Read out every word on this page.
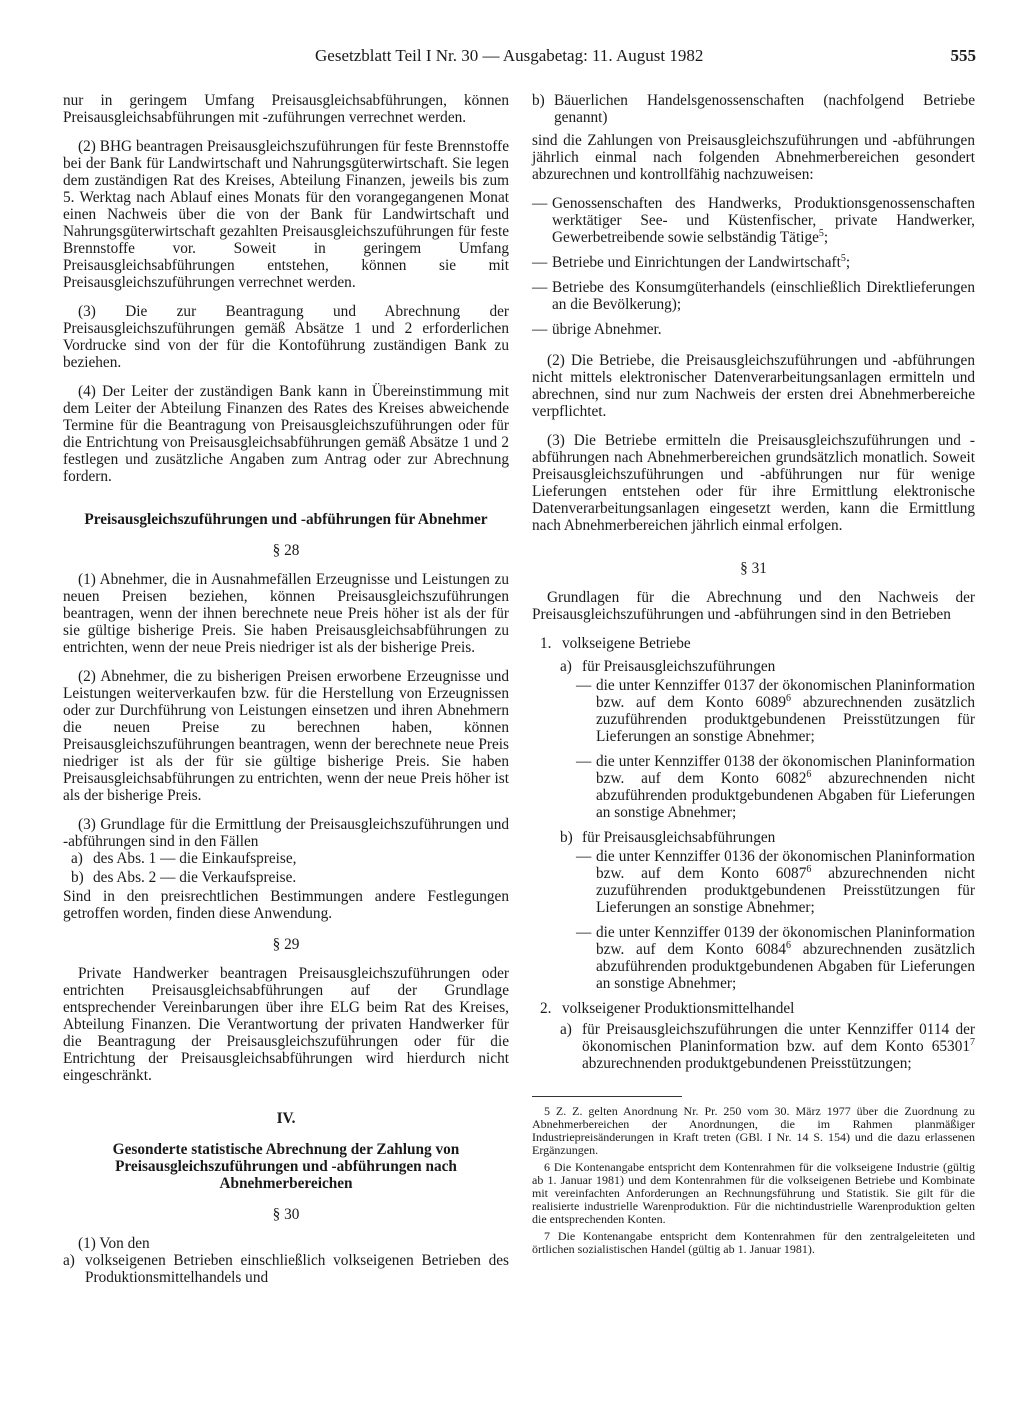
Gesetzblatt Teil I Nr. 30 — Ausgabetag: 11. August 1982	555

nur in geringem Umfang Preisausgleichsabführungen, können Preisausgleichsabführungen mit -zuführungen verrechnet werden.

(2) BHG beantragen Preisausgleichszuführungen für feste Brennstoffe bei der Bank für Landwirtschaft und Nahrungsgüterwirtschaft. Sie legen dem zuständigen Rat des Kreises, Abteilung Finanzen, jeweils bis zum 5. Werktag nach Ablauf eines Monats für den vorangegangenen Monat einen Nachweis über die von der Bank für Landwirtschaft und Nahrungsgüterwirtschaft gezahlten Preisausgleichszuführungen für feste Brennstoffe vor. Soweit in geringem Umfang Preisausgleichsabführungen entstehen, können sie mit Preisausgleichszuführungen verrechnet werden.

(3) Die zur Beantragung und Abrechnung der Preisausgleichszuführungen gemäß Absätze 1 und 2 erforderlichen Vordrucke sind von der für die Kontoführung zuständigen Bank zu beziehen.

(4) Der Leiter der zuständigen Bank kann in Übereinstimmung mit dem Leiter der Abteilung Finanzen des Rates des Kreises abweichende Termine für die Beantragung von Preisausgleichszuführungen oder für die Entrichtung von Preisausgleichsabführungen gemäß Absätze 1 und 2 festlegen und zusätzliche Angaben zum Antrag oder zur Abrechnung fordern.

Preisausgleichszuführungen und -abführungen für Abnehmer
§ 28

(1) Abnehmer, die in Ausnahmefällen Erzeugnisse und Leistungen zu neuen Preisen beziehen, können Preisausgleichszuführungen beantragen, wenn der ihnen berechnete neue Preis höher ist als der für sie gültige bisherige Preis. Sie haben Preisausgleichsabführungen zu entrichten, wenn der neue Preis niedriger ist als der bisherige Preis.

(2) Abnehmer, die zu bisherigen Preisen erworbene Erzeugnisse und Leistungen weiterverkaufen bzw. für die Herstellung von Erzeugnissen oder zur Durchführung von Leistungen einsetzen und ihren Abnehmern die neuen Preise zu berechnen haben, können Preisausgleichszuführungen beantragen, wenn der berechnete neue Preis niedriger ist als der für sie gültige bisherige Preis. Sie haben Preisausgleichsabführungen zu entrichten, wenn der neue Preis höher ist als der bisherige Preis.

(3) Grundlage für die Ermittlung der Preisausgleichszuführungen und -abführungen sind in den Fällen

a) des Abs. 1 — die Einkaufspreise,
b) des Abs. 2 — die Verkaufspreise.

Sind in den preisrechtlichen Bestimmungen andere Festlegungen getroffen worden, finden diese Anwendung.

§ 29

Private Handwerker beantragen Preisausgleichszuführungen oder entrichten Preisausgleichsabführungen auf der Grundlage entsprechender Vereinbarungen über ihre ELG beim Rat des Kreises, Abteilung Finanzen. Die Verantwortung der privaten Handwerker für die Beantragung der Preisausgleichszuführungen oder für die Entrichtung der Preisausgleichsabführungen wird hierdurch nicht eingeschränkt.

IV.
Gesonderte statistische Abrechnung der Zahlung von Preisausgleichszuführungen und -abführungen nach Abnehmerbereichen
§ 30

(1) Von den

a) volkseigenen Betrieben einschließlich volkseigenen Betrieben des Produktionsmittelhandels und
b) Bäuerlichen Handelsgenossenschaften (nachfolgend Betriebe genannt)

sind die Zahlungen von Preisausgleichszuführungen und -abführungen jährlich einmal nach folgenden Abnehmerbereichen gesondert abzurechnen und kontrollfähig nachzuweisen:

— Genossenschaften des Handwerks, Produktionsgenossenschaften werktätiger See- und Küstenfischer, private Handwerker, Gewerbetreibende sowie selbständig Tätige$^5$;
— Betriebe und Einrichtungen der Landwirtschaft$^5$;
— Betriebe des Konsumgüterhandels (einschließlich Direktlieferungen an die Bevölkerung);
— übrige Abnehmer.

(2) Die Betriebe, die Preisausgleichszuführungen und -abführungen nicht mittels elektronischer Datenverarbeitungsanlagen ermitteln und abrechnen, sind nur zum Nachweis der ersten drei Abnehmerbereiche verpflichtet.

(3) Die Betriebe ermitteln die Preisausgleichszuführungen und -abführungen nach Abnehmerbereichen grundsätzlich monatlich. Soweit Preisausgleichszuführungen und -abführungen nur für wenige Lieferungen entstehen oder für ihre Ermittlung elektronische Datenverarbeitungsanlagen eingesetzt werden, kann die Ermittlung nach Abnehmerbereichen jährlich einmal erfolgen.

§ 31

Grundlagen für die Abrechnung und den Nachweis der Preisausgleichszuführungen und -abführungen sind in den Betrieben

1. volkseigene Betriebe
a) für Preisausgleichszuführungen
— die unter Kennziffer 0137 der ökonomischen Planinformation bzw. auf dem Konto 6089$^6$ abzurechnenden zusätzlich zuzuführenden produktgebundenen Preisstützungen für Lieferungen an sonstige Abnehmer;
— die unter Kennziffer 0138 der ökonomischen Planinformation bzw. auf dem Konto 6082$^6$ abzurechnenden nicht abzuführenden produktgebundenen Abgaben für Lieferungen an sonstige Abnehmer;
b) für Preisausgleichsabführungen
— die unter Kennziffer 0136 der ökonomischen Planinformation bzw. auf dem Konto 6087$^6$ abzurechnenden nicht zuzuführenden produktgebundenen Preisstützungen für Lieferungen an sonstige Abnehmer;
— die unter Kennziffer 0139 der ökonomischen Planinformation bzw. auf dem Konto 6084$^6$ abzurechnenden zusätzlich abzuführenden produktgebundenen Abgaben für Lieferungen an sonstige Abnehmer;
2. volkseigener Produktionsmittelhandel
a) für Preisausgleichszuführungen die unter Kennziffer 0114 der ökonomischen Planinformation bzw. auf dem Konto 65301$^7$ abzurechnenden produktgebundenen Preisstützungen;

5 Z. Z. gelten Anordnung Nr. Pr. 250 vom 30. März 1977 über die Zuordnung zu Abnehmerbereichen der Anordnungen, die im Rahmen planmäßiger Industriepreisänderungen in Kraft treten (GBl. I Nr. 14 S. 154) und die dazu erlassenen Ergänzungen.

6 Die Kontenangabe entspricht dem Kontenrahmen für die volkseigene Industrie (gültig ab 1. Januar 1981) und dem Kontenrahmen für die volkseigenen Betriebe und Kombinate mit vereinfachten Anforderungen an Rechnungsführung und Statistik. Sie gilt für die realisierte industrielle Warenproduktion. Für die nichtindustrielle Warenproduktion gelten die entsprechenden Konten.

7 Die Kontenangabe entspricht dem Kontenrahmen für den zentralgeleiteten und örtlichen sozialistischen Handel (gültig ab 1. Januar 1981).
